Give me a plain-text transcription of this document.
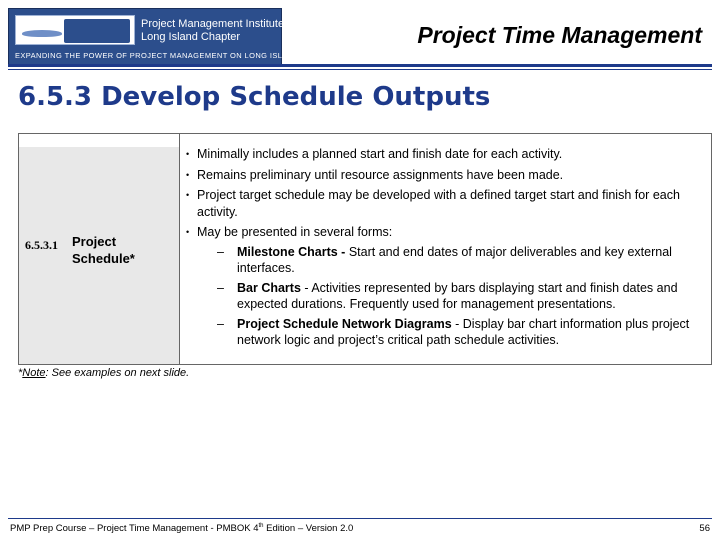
Project Management Institute
Long Island Chapter
EXPANDING THE POWER OF PROJECT MANAGEMENT ON LONG ISLAND
Project Time Management
6.5.3 Develop Schedule Outputs
6.5.3.1 Project
Schedule*
• Minimally includes a planned start and finish date for each activity.
• Remains preliminary until resource assignments have been made.
• Project target schedule may be developed with a defined target start and finish for each activity.
• May be presented in several forms:
– Milestone Charts - Start and end dates of major deliverables and key external interfaces.
– Bar Charts - Activities represented by bars displaying start and finish dates and expected durations. Frequently used for management presentations.
– Project Schedule Network Diagrams - Display bar chart information plus project network logic and project’s critical path schedule activities.
*Note: See examples on next slide.
PMP Prep Course – Project Time Management - PMBOK 4th Edition – Version 2.0	56
